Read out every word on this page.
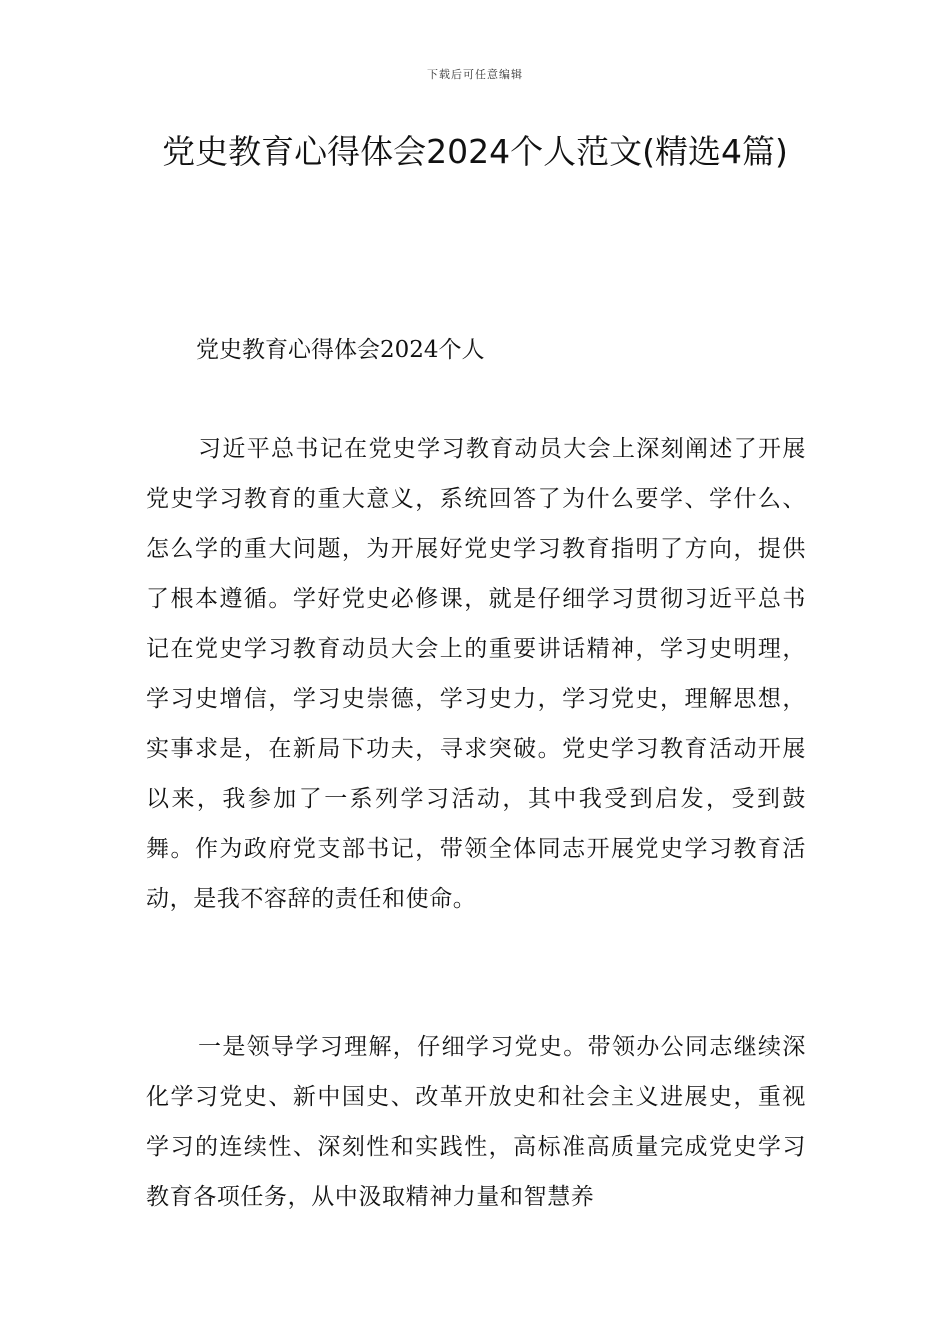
下载后可任意编辑
党史教育心得体会2024个人范文(精选4篇)

党史教育心得体会2024个人

习近平总书记在党史学习教育动员大会上深刻阐述了开展党史学习教育的重大意义，系统回答了为什么要学、学什么、怎么学的重大问题，为开展好党史学习教育指明了方向，提供了根本遵循。学好党史必修课，就是仔细学习贯彻习近平总书记在党史学习教育动员大会上的重要讲话精神，学习史明理，学习史增信，学习史崇德，学习史力，学习党史，理解思想，实事求是，在新局下功夫，寻求突破。党史学习教育活动开展以来，我参加了一系列学习活动，其中我受到启发，受到鼓舞。作为政府党支部书记，带领全体同志开展党史学习教育活动，是我不容辞的责任和使命。

一是领导学习理解，仔细学习党史。带领办公同志继续深化学习党史、新中国史、改革开放史和社会主义进展史，重视学习的连续性、深刻性和实践性，高标准高质量完成党史学习教育各项任务，从中汲取精神力量和智慧养
